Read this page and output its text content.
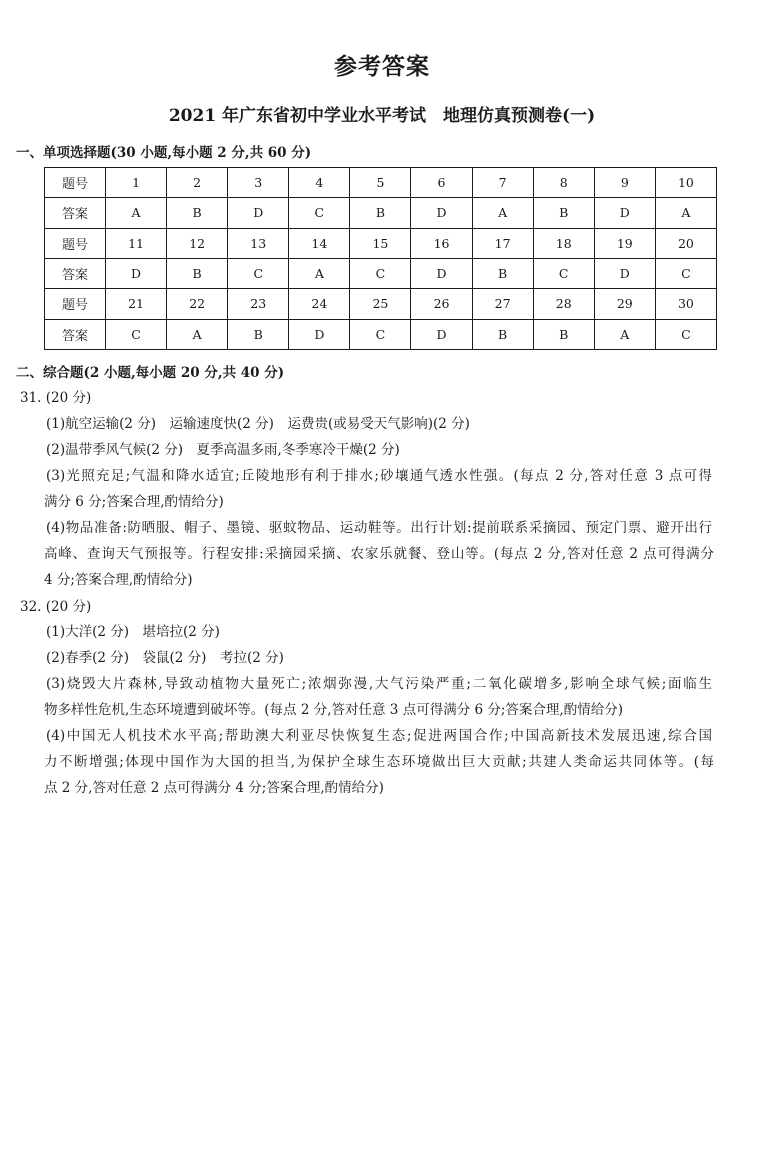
参考答案
2021 年广东省初中学业水平考试　地理仿真预测卷(一)
一、单项选择题(30 小题,每小题 2 分,共 60 分)
题号	1	2	3	4	5	6	7	8	9	10
答案	A	B	D	C	B	D	A	B	D	A
题号	11	12	13	14	15	16	17	18	19	20
答案	D	B	C	A	C	D	B	C	D	C
题号	21	22	23	24	25	26	27	28	29	30
答案	C	A	B	D	C	D	B	B	A	C
二、综合题(2 小题,每小题 20 分,共 40 分)
31. (20 分)
(1)航空运输(2 分)　运输速度快(2 分)　运费贵(或易受天气影响)(2 分)
(2)温带季风气候(2 分)　夏季高温多雨,冬季寒冷干燥(2 分)
(3)光照充足;气温和降水适宜;丘陵地形有利于排水;砂壤通气透水性强。(每点 2 分,答对任意 3 点可得
满分 6 分;答案合理,酌情给分)
(4)物品准备:防晒服、帽子、墨镜、驱蚊物品、运动鞋等。出行计划:提前联系采摘园、预定门票、避开出行
高峰、查询天气预报等。行程安排:采摘园采摘、农家乐就餐、登山等。(每点 2 分,答对任意 2 点可得满分
4 分;答案合理,酌情给分)
32. (20 分)
(1)大洋(2 分)　堪培拉(2 分)
(2)春季(2 分)　袋鼠(2 分)　考拉(2 分)
(3)烧毁大片森林,导致动植物大量死亡;浓烟弥漫,大气污染严重;二氧化碳增多,影响全球气候;面临生
物多样性危机,生态环境遭到破坏等。(每点 2 分,答对任意 3 点可得满分 6 分;答案合理,酌情给分)
(4)中国无人机技术水平高;帮助澳大利亚尽快恢复生态;促进两国合作;中国高新技术发展迅速,综合国
力不断增强;体现中国作为大国的担当,为保护全球生态环境做出巨大贡献;共建人类命运共同体等。(每
点 2 分,答对任意 2 点可得满分 4 分;答案合理,酌情给分)
